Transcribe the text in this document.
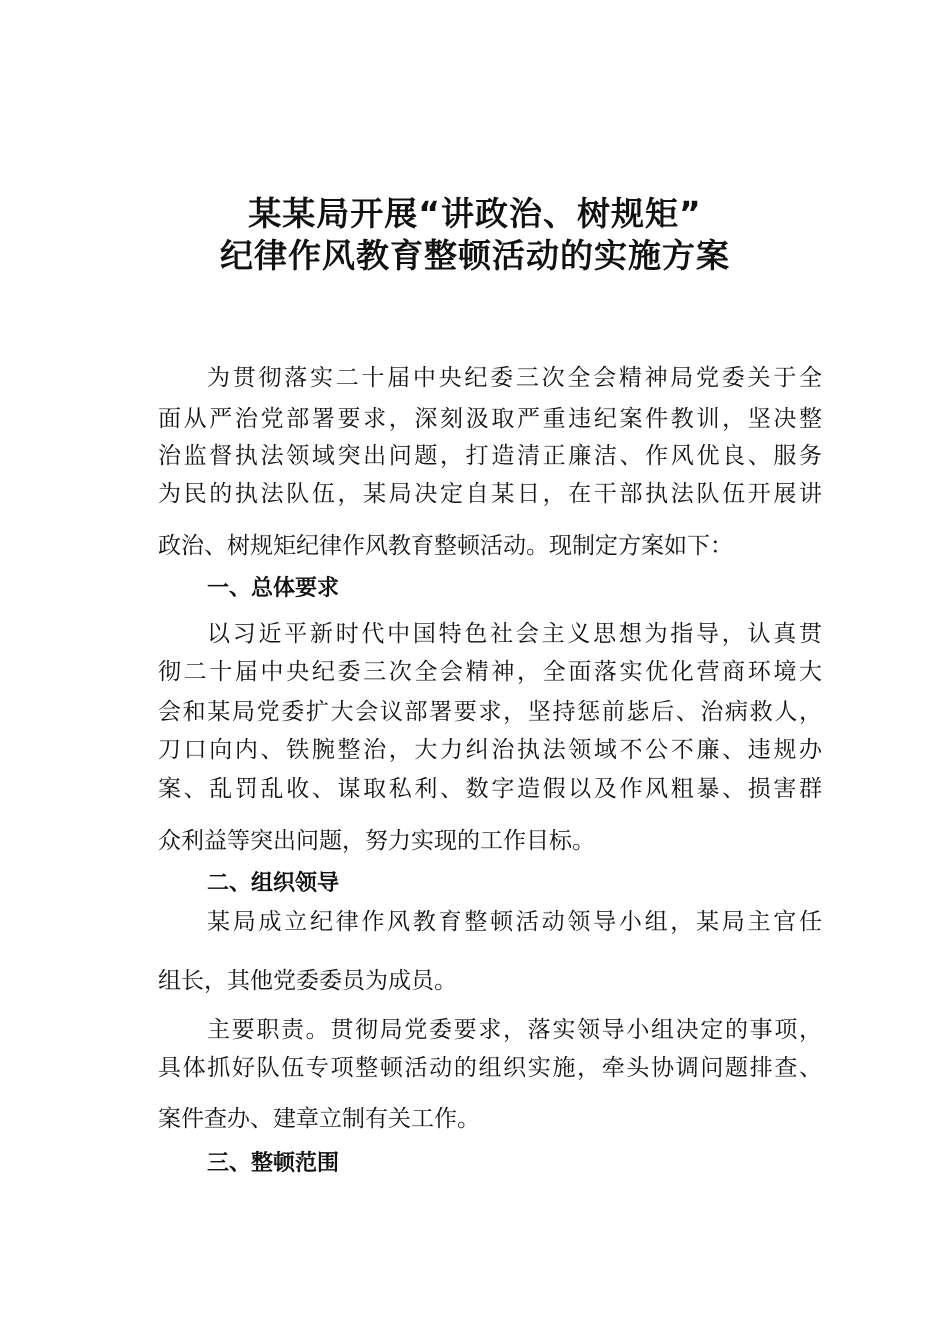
某某局开展“讲政治、树规矩”
纪律作风教育整顿活动的实施方案

为贯彻落实二十届中央纪委三次全会精神局党委关于全

面从严治党部署要求，深刻汲取严重违纪案件教训，坚决整

治监督执法领域突出问题，打造清正廉洁、作风优良、服务

为民的执法队伍，某局决定自某日，在干部执法队伍开展讲

政治、树规矩纪律作风教育整顿活动。现制定方案如下：

一、总体要求

以习近平新时代中国特色社会主义思想为指导，认真贯

彻二十届中央纪委三次全会精神，全面落实优化营商环境大

会和某局党委扩大会议部署要求，坚持惩前毖后、治病救人，

刀口向内、铁腕整治，大力纠治执法领域不公不廉、违规办

案、乱罚乱收、谋取私利、数字造假以及作风粗暴、损害群

众利益等突出问题，努力实现的工作目标。

二、组织领导

某局成立纪律作风教育整顿活动领导小组，某局主官任

组长，其他党委委员为成员。

主要职责。贯彻局党委要求，落实领导小组决定的事项，

具体抓好队伍专项整顿活动的组织实施，牵头协调问题排查、

案件查办、建章立制有关工作。

三、整顿范围
